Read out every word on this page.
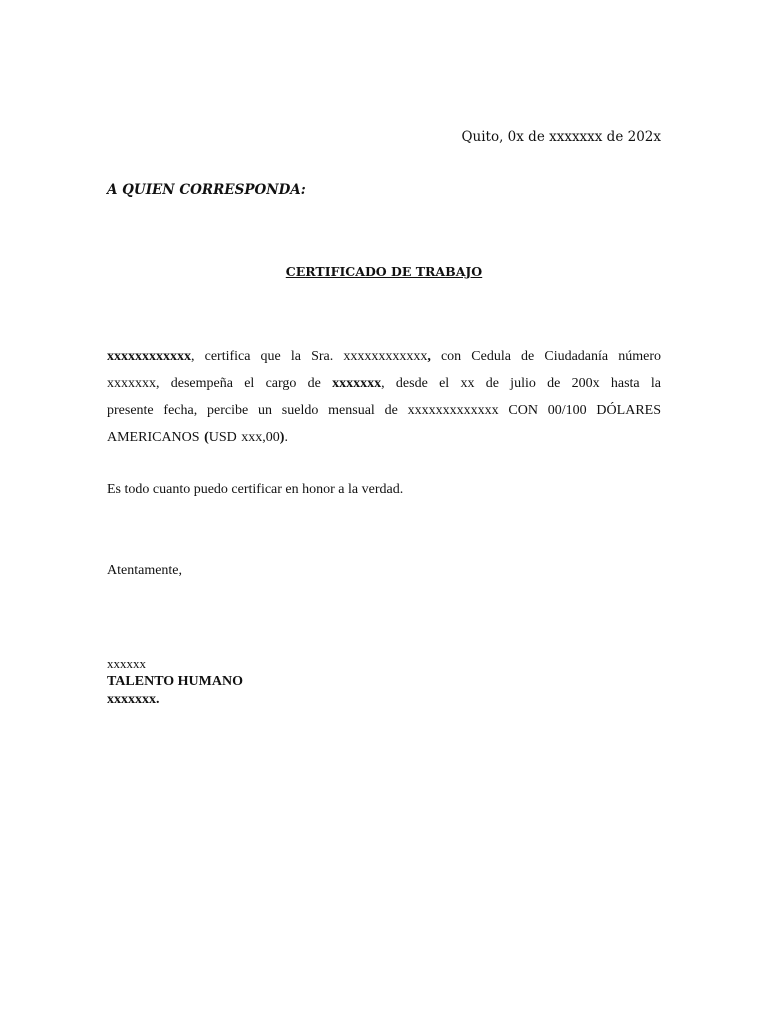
Quito, 0x de xxxxxxx de 202x
A QUIEN CORRESPONDA:
CERTIFICADO DE TRABAJO
xxxxxxxxxxxx, certifica que la Sra. xxxxxxxxxxxx, con Cedula de Ciudadanía número
xxxxxxx, desempeña el cargo de xxxxxxx, desde el xx de julio de 200x hasta la
presente fecha, percibe un sueldo mensual de xxxxxxxxxxxxx CON 00/100 DÓLARES
AMERICANOS (USD xxx,00).
Es todo cuanto puedo certificar en honor a la verdad.
Atentamente,
xxxxxx
TALENTO HUMANO
xxxxxxx.
